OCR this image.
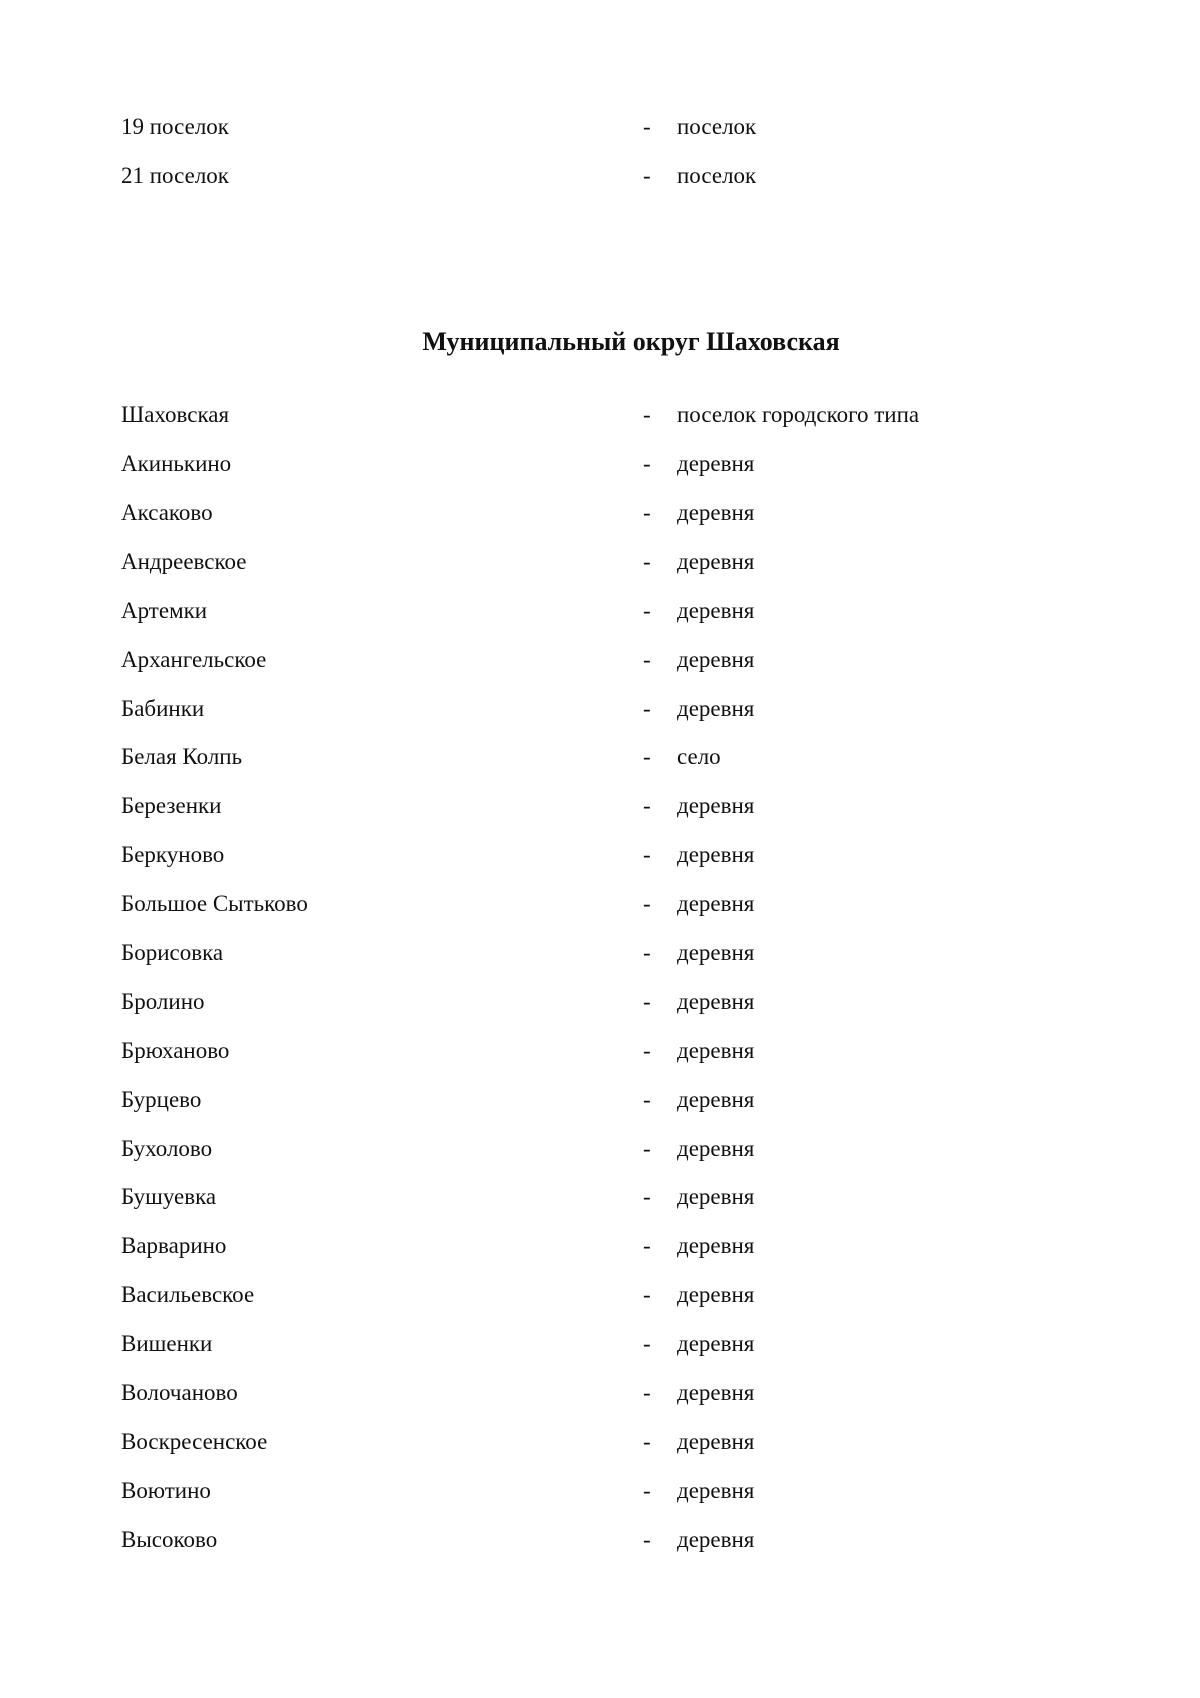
19 поселок	- поселок
21 поселок	- поселок
Муниципальный округ Шаховская
Шаховская	- поселок городского типа
Акинькино	- деревня
Аксаково	- деревня
Андреевское	- деревня
Артемки	- деревня
Архангельское	- деревня
Бабинки	- деревня
Белая Колпь	- село
Березенки	- деревня
Беркуново	- деревня
Большое Сытьково	- деревня
Борисовка	- деревня
Бролино	- деревня
Брюханово	- деревня
Бурцево	- деревня
Бухолово	- деревня
Бушуевка	- деревня
Варварино	- деревня
Васильевское	- деревня
Вишенки	- деревня
Волочаново	- деревня
Воскресенское	- деревня
Воютино	- деревня
Высоково	- деревня
